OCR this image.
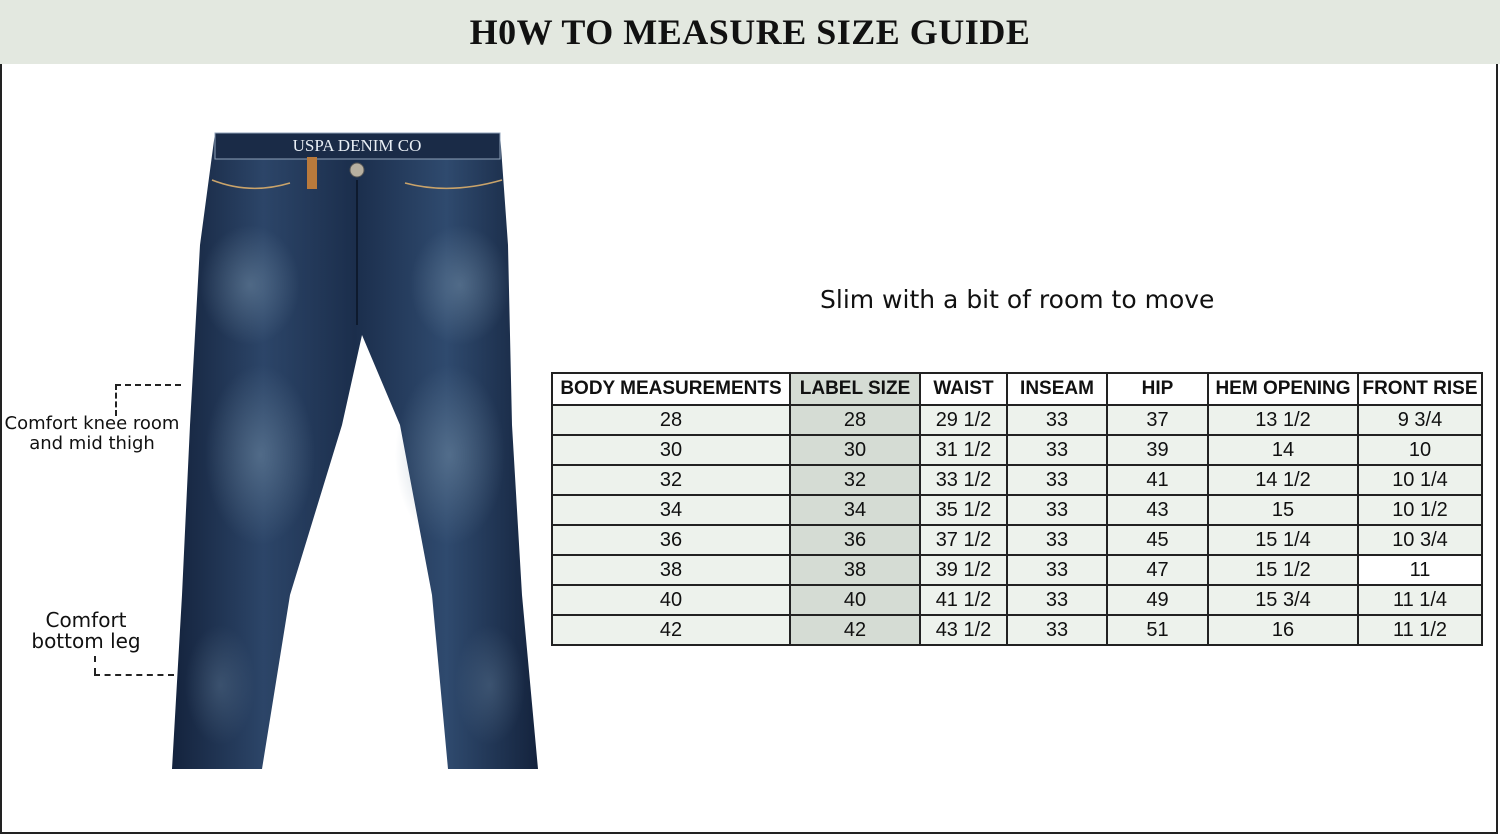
H0W TO MEASURE SIZE GUIDE
USPA DENIM CO
Comfort knee room
and mid thigh
Comfort
bottom leg
Slim with a bit of room to move
BODY MEASUREMENTS	LABEL SIZE	WAIST	INSEAM	HIP	HEM OPENING	FRONT RISE
28	28	29 1/2	33	37	13 1/2	9 3/4
30	30	31 1/2	33	39	14	10
32	32	33 1/2	33	41	14 1/2	10 1/4
34	34	35 1/2	33	43	15	10 1/2
36	36	37 1/2	33	45	15 1/4	10 3/4
38	38	39 1/2	33	47	15 1/2	11
40	40	41 1/2	33	49	15 3/4	11 1/4
42	42	43 1/2	33	51	16	11 1/2
